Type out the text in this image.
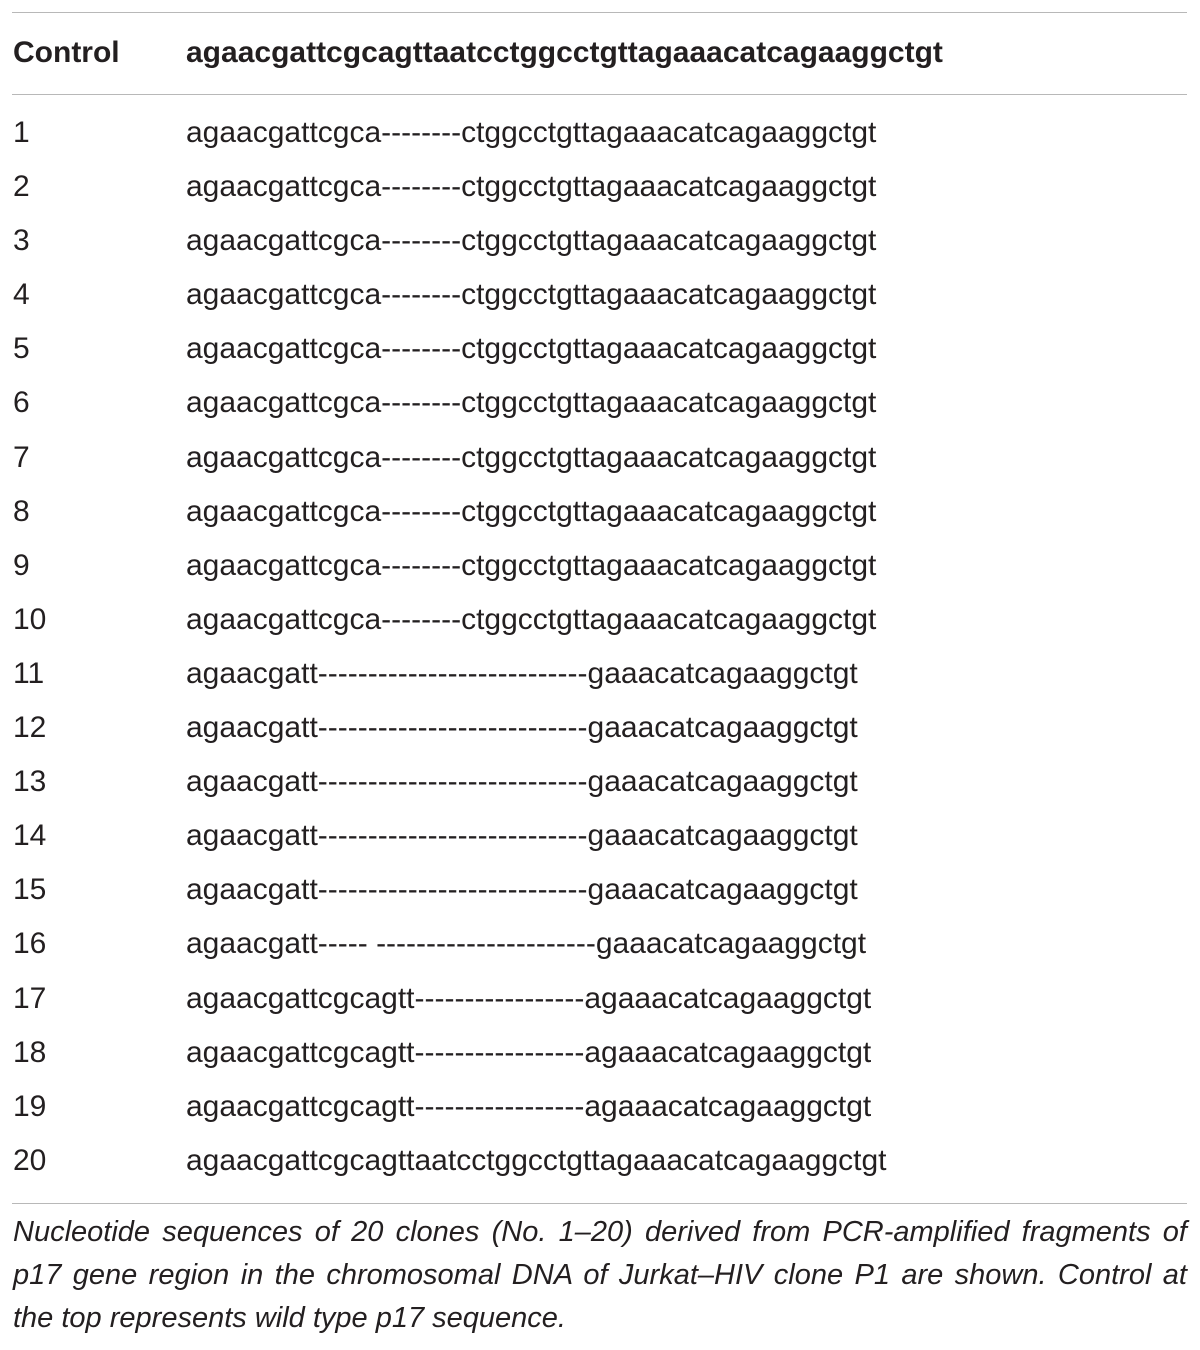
Control agaacgattcgcagttaatcctggcctgttagaaacatcagaaggctgt
1	agaacgattcgca--------ctggcctgttagaaacatcagaaggctgt
2	agaacgattcgca--------ctggcctgttagaaacatcagaaggctgt
3	agaacgattcgca--------ctggcctgttagaaacatcagaaggctgt
4	agaacgattcgca--------ctggcctgttagaaacatcagaaggctgt
5	agaacgattcgca--------ctggcctgttagaaacatcagaaggctgt
6	agaacgattcgca--------ctggcctgttagaaacatcagaaggctgt
7	agaacgattcgca--------ctggcctgttagaaacatcagaaggctgt
8	agaacgattcgca--------ctggcctgttagaaacatcagaaggctgt
9	agaacgattcgca--------ctggcctgttagaaacatcagaaggctgt
10	agaacgattcgca--------ctggcctgttagaaacatcagaaggctgt
11	agaacgatt---------------------------gaaacatcagaaggctgt
12	agaacgatt---------------------------gaaacatcagaaggctgt
13	agaacgatt---------------------------gaaacatcagaaggctgt
14	agaacgatt---------------------------gaaacatcagaaggctgt
15	agaacgatt---------------------------gaaacatcagaaggctgt
16	agaacgatt----- ----------------------gaaacatcagaaggctgt
17	agaacgattcgcagtt-----------------agaaacatcagaaggctgt
18	agaacgattcgcagtt-----------------agaaacatcagaaggctgt
19	agaacgattcgcagtt-----------------agaaacatcagaaggctgt
20	agaacgattcgcagttaatcctggcctgttagaaacatcagaaggctgt
Nucleotide sequences of 20 clones (No. 1–20) derived from PCR-amplified fragments of p17 gene region in the chromosomal DNA of Jurkat–HIV clone P1 are shown. Control at the top represents wild type p17 sequence.
